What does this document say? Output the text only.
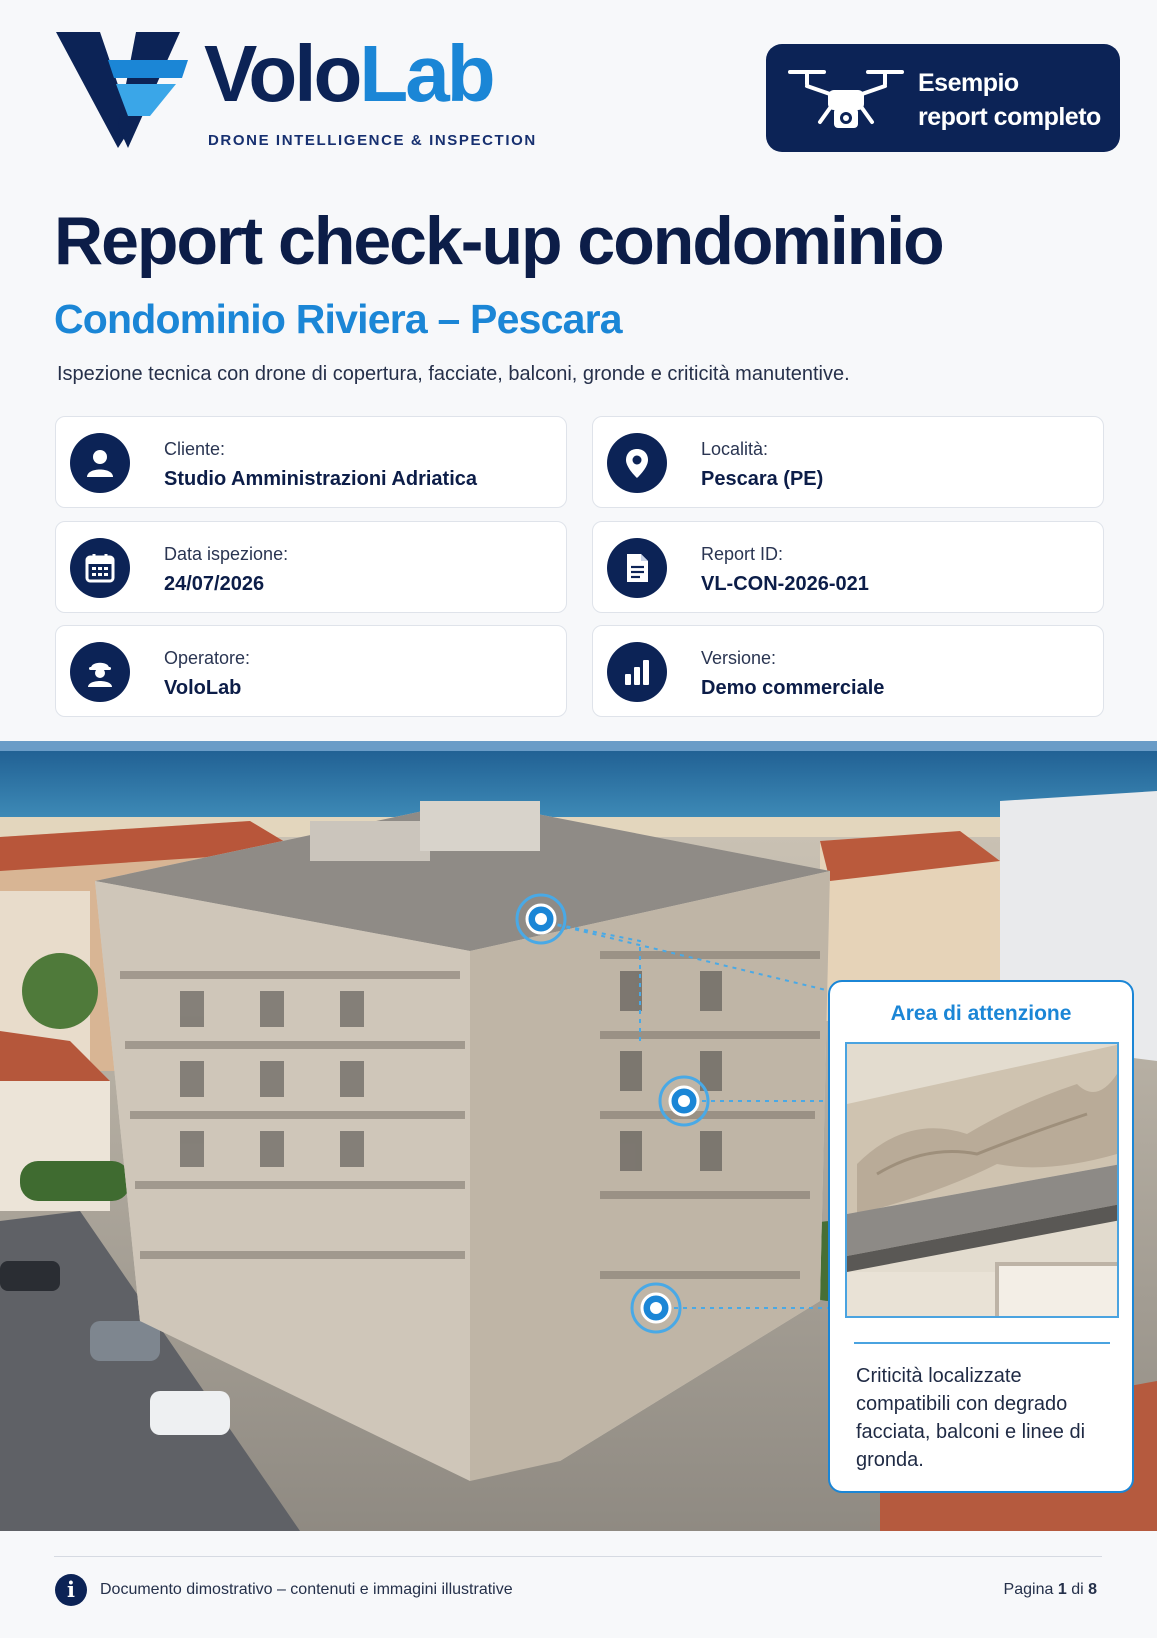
VoloLab
DRONE INTELLIGENCE & INSPECTION
Esempio
report completo
Report check-up condominio
Condominio Riviera – Pescara

Ispezione tecnica con drone di copertura, facciate, balconi, gronde e criticità manutentive.

Cliente:
Studio Amministrazioni Adriatica
Località:
Pescara (PE)
Data ispezione:
24/07/2026
Report ID:
VL-CON-2026-021
Operatore:
VoloLab
Versione:
Demo commerciale
Area di attenzione
Criticità localizzate compatibili con degrado facciata, balconi e linee di gronda.
i	Documento dimostrativo – contenuti e immagini illustrative	Pagina 1 di 8
